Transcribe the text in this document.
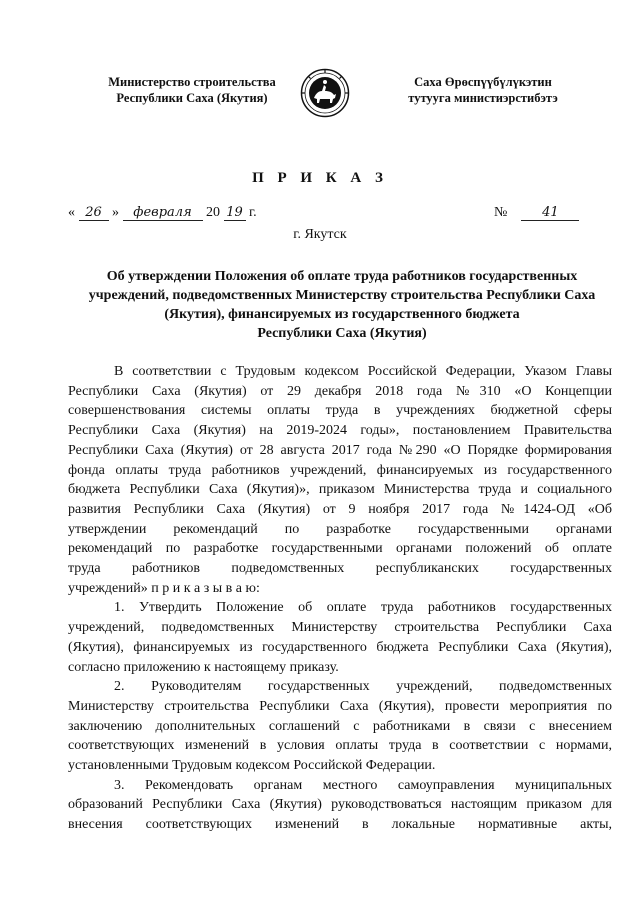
Министерство строительства
Республики Саха (Якутия)
Саха Өрөспүүбүлүкэтин
тутууга министиэрстибэтэ
П Р И К А З
« 26 » февраля 20 19 г.	№	41
г. Якутск
Об утверждении Положения об оплате труда работников государственных
учреждений, подведомственных Министерству строительства Республики Саха
(Якутия), финансируемых из государственного бюджета
Республики Саха (Якутия)
В соответствии с Трудовым кодексом Российской Федерации, Указом Главы
Республики Саха (Якутия) от 29 декабря 2018 года №310 «О Концепции
совершенствования системы оплаты труда в учреждениях бюджетной сферы
Республики Саха (Якутия) на 2019-2024 годы», постановлением Правительства
Республики Саха (Якутия) от 28 августа 2017 года №290 «О Порядке формирования
фонда оплаты труда работников учреждений, финансируемых из государственного
бюджета Республики Саха (Якутия)», приказом Министерства труда и социального
развития Республики Саха (Якутия) от 9 ноября 2017 года №1424-ОД «Об
утверждении рекомендаций по разработке государственными органами
рекомендаций по разработке государственными органами положений об оплате
труда работников подведомственных республиканских государственных
учреждений» п р и к а з ы в а ю:
1. Утвердить Положение об оплате труда работников государственных
учреждений, подведомственных Министерству строительства Республики Саха
(Якутия), финансируемых из государственного бюджета Республики Саха (Якутия),
согласно приложению к настоящему приказу.
2. Руководителям государственных учреждений, подведомственных
Министерству строительства Республики Саха (Якутия), провести мероприятия по
заключению дополнительных соглашений с работниками в связи с внесением
соответствующих изменений в условия оплаты труда в соответствии с нормами,
установленными Трудовым кодексом Российской Федерации.
3. Рекомендовать органам местного самоуправления муниципальных
образований Республики Саха (Якутия) руководствоваться настоящим приказом для
внесения соответствующих изменений в локальные нормативные акты,
